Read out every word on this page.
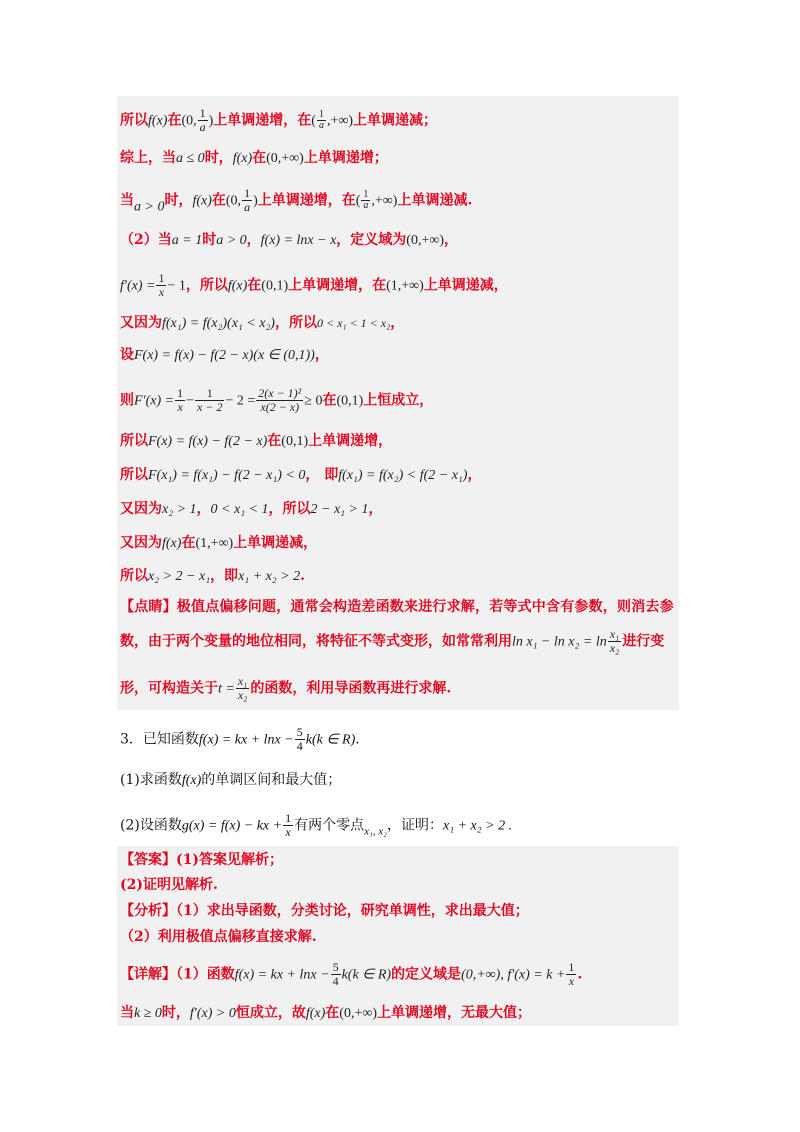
所以f(x)在(0, $\frac{1}{a}$ )上单调递增，在( $\frac{1}{a}$ ,+∞)上单调递减；
综上，当a ≤ 0时，f(x)在(0,+∞)上单调递增；
当a > 0时，f(x)在(0, $\frac{1}{a}$ )上单调递增，在( $\frac{1}{a}$ ,+∞)上单调递减.
（2）当a = 1时a > 0，f(x) = lnx − x，定义域为(0,+∞)，
$f'(x) = \frac{1}{x} - 1$，所以f(x)在(0,1)上单调递增，在(1,+∞)上单调递减，
又因为f(x₁) = f(x₂)(x₁ < x₂)，所以0 < x₁ < 1 < x₂，
设F(x) = f(x) − f(2 − x)(x ∈ (0,1))，
则$F'(x) = \frac{1}{x} - \frac{1}{x - 2} - 2 = \frac{\text{2(x − 1)²}}{x(2 - x)} \ge 0$在(0,1)上恒成立，
所以F(x) = f(x) − f(2 − x)在(0,1)上单调递增，
所以F(x₁) = f(x₁) − f(2 − x₁) < 0， 即f(x₁) = f(x₂) < f(2 − x₁)，
又因为x₂ > 1，0 < x₁ < 1，所以2 − x₁ > 1，
又因为f(x)在(1,+∞)上单调递减，
所以x₂ > 2 − x₁，即x₁ + x₂ > 2.
【点睛】极值点偏移问题，通常会构造差函数来进行求解，若等式中含有参数，则消去参
数，由于两个变量的地位相同，将特征不等式变形，如常常利用$\ln x_1 - \ln x_2 = \ln \frac{\text{x₁}}{\text{x₂}}$ 进行变
形，可构造关于$t = \frac{\text{x₁}}{\text{x₂}}$ 的函数，利用导函数再进行求解.
3．已知函数f(x) = kx + $\ln x - \frac{5}{4} k(k$ ∈ R).
(1)求函数f(x)的单调区间和最大值；
(2)设函数g(x) = f(x) − kx + $\frac{1}{x}$ 有两个零点$_{x_1, x_2}$，证明：x₁ + x₂ > 2 .
【答案】(1)答案见解析；
(2)证明见解析.
【分析】（1）求出导函数，分类讨论，研究单调性，求出最大值；
（2）利用极值点偏移直接求解.
【详解】（1）函数f(x) = kx + $\ln x - \frac{5}{4} k(k$ ∈ R)的定义域是(0,+∞), $f'(x) = k + \frac{1}{x}$ .
当k ≥ 0时，f′(x) > 0恒成立，故f(x)在(0,+∞)上单调递增，无最大值；
